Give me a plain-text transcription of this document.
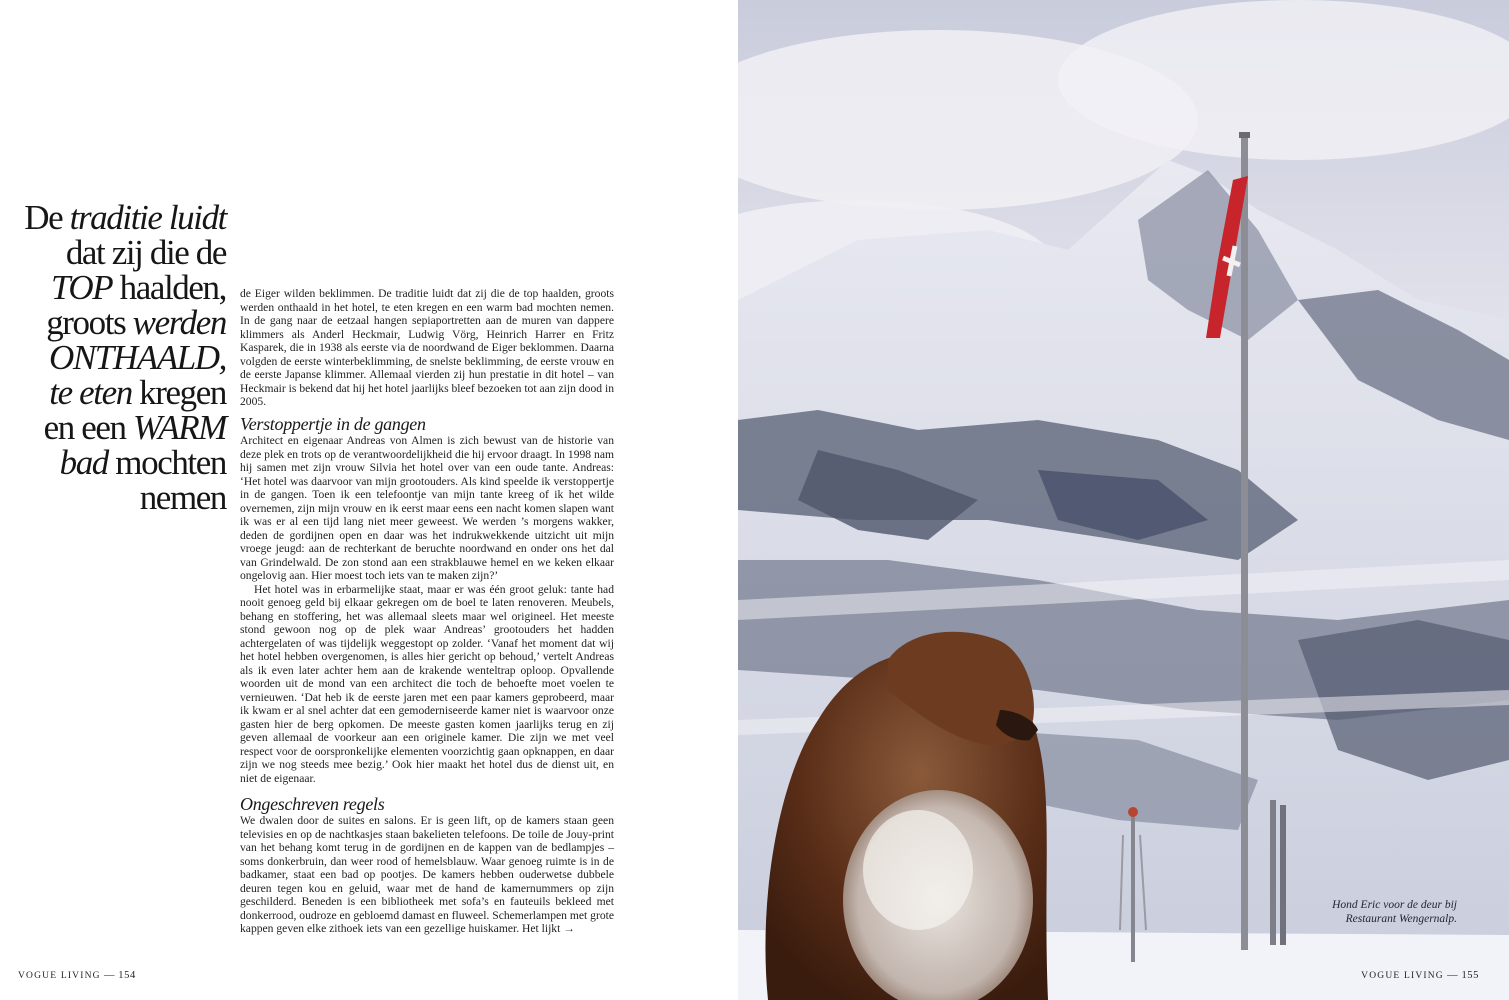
De traditie luidt
dat zij die de
TOP haalden,
groots werden
ONTHAALD,
te eten kregen
en een WARM
bad mochten
nemen

de Eiger wilden beklimmen. De traditie luidt dat zij die de top haalden, groots werden onthaald in het hotel, te eten kregen en een warm bad mochten nemen. In de gang naar de eetzaal hangen sepiaportretten aan de muren van dappere klimmers als Anderl Heckmair, Ludwig Vörg, Heinrich Harrer en Fritz Kasparek, die in 1938 als eerste via de noordwand de Eiger beklommen. Daarna volgden de eerste winterbeklimming, de snelste beklimming, de eerste vrouw en de eerste Japanse klimmer. Allemaal vierden zij hun prestatie in dit hotel – van Heckmair is bekend dat hij het hotel jaarlijks bleef bezoeken tot aan zijn dood in 2005.

Verstoppertje in de gangen

Architect en eigenaar Andreas von Almen is zich bewust van de historie van deze plek en trots op de verantwoordelijkheid die hij ervoor draagt. In 1998 nam hij samen met zijn vrouw Silvia het hotel over van een oude tante. Andreas: ‘Het hotel was daarvoor van mijn grootouders. Als kind speelde ik verstoppertje in de gangen. Toen ik een telefoontje van mijn tante kreeg of ik het wilde overnemen, zijn mijn vrouw en ik eerst maar eens een nacht komen slapen want ik was er al een tijd lang niet meer geweest. We werden ’s morgens wakker, deden de gordijnen open en daar was het indrukwekkende uitzicht uit mijn vroege jeugd: aan de rechterkant de beruchte noordwand en onder ons het dal van Grindelwald. De zon stond aan een strakblauwe hemel en we keken elkaar ongelovig aan. Hier moest toch iets van te maken zijn?’

Het hotel was in erbarmelijke staat, maar er was één groot geluk: tante had nooit genoeg geld bij elkaar gekregen om de boel te laten renoveren. Meubels, behang en stoffering, het was allemaal sleets maar wel origineel. Het meeste stond gewoon nog op de plek waar Andreas’ grootouders het hadden achtergelaten of was tijdelijk weggestopt op zolder. ‘Vanaf het moment dat wij het hotel hebben overgenomen, is alles hier gericht op behoud,’ vertelt Andreas als ik even later achter hem aan de krakende wenteltrap oploop. Opvallende woorden uit de mond van een architect die toch de behoefte moet voelen te vernieuwen. ‘Dat heb ik de eerste jaren met een paar kamers geprobeerd, maar ik kwam er al snel achter dat een gemoderniseerde kamer niet is waarvoor onze gasten hier de berg opkomen. De meeste gasten komen jaarlijks terug en zij geven allemaal de voorkeur aan een originele kamer. Die zijn we met veel respect voor de oorspronkelijke elementen voorzichtig gaan opknappen, en daar zijn we nog steeds mee bezig.’ Ook hier maakt het hotel dus de dienst uit, en niet de eigenaar.

Ongeschreven regels

We dwalen door de suites en salons. Er is geen lift, op de kamers staan geen televisies en op de nachtkasjes staan bakelieten telefoons. De toile de Jouy-print van het behang komt terug in de gordijnen en de kappen van de bedlampjes – soms donkerbruin, dan weer rood of hemelsblauw. Waar genoeg ruimte is in de badkamer, staat een bad op pootjes. De kamers hebben ouderwetse dubbele deuren tegen kou en geluid, waar met de hand de kamernummers op zijn geschilderd. Beneden is een bibliotheek met sofa’s en fauteuils bekleed met donkerrood, oudroze en gebloemd damast en fluweel. Schemerlampen met grote kappen geven elke zithoek iets van een gezellige huiskamer. Het lijkt →

VOGUE LIVING — 154
Hond Eric voor de deur bij Restaurant Wengernalp.
VOGUE LIVING — 155
